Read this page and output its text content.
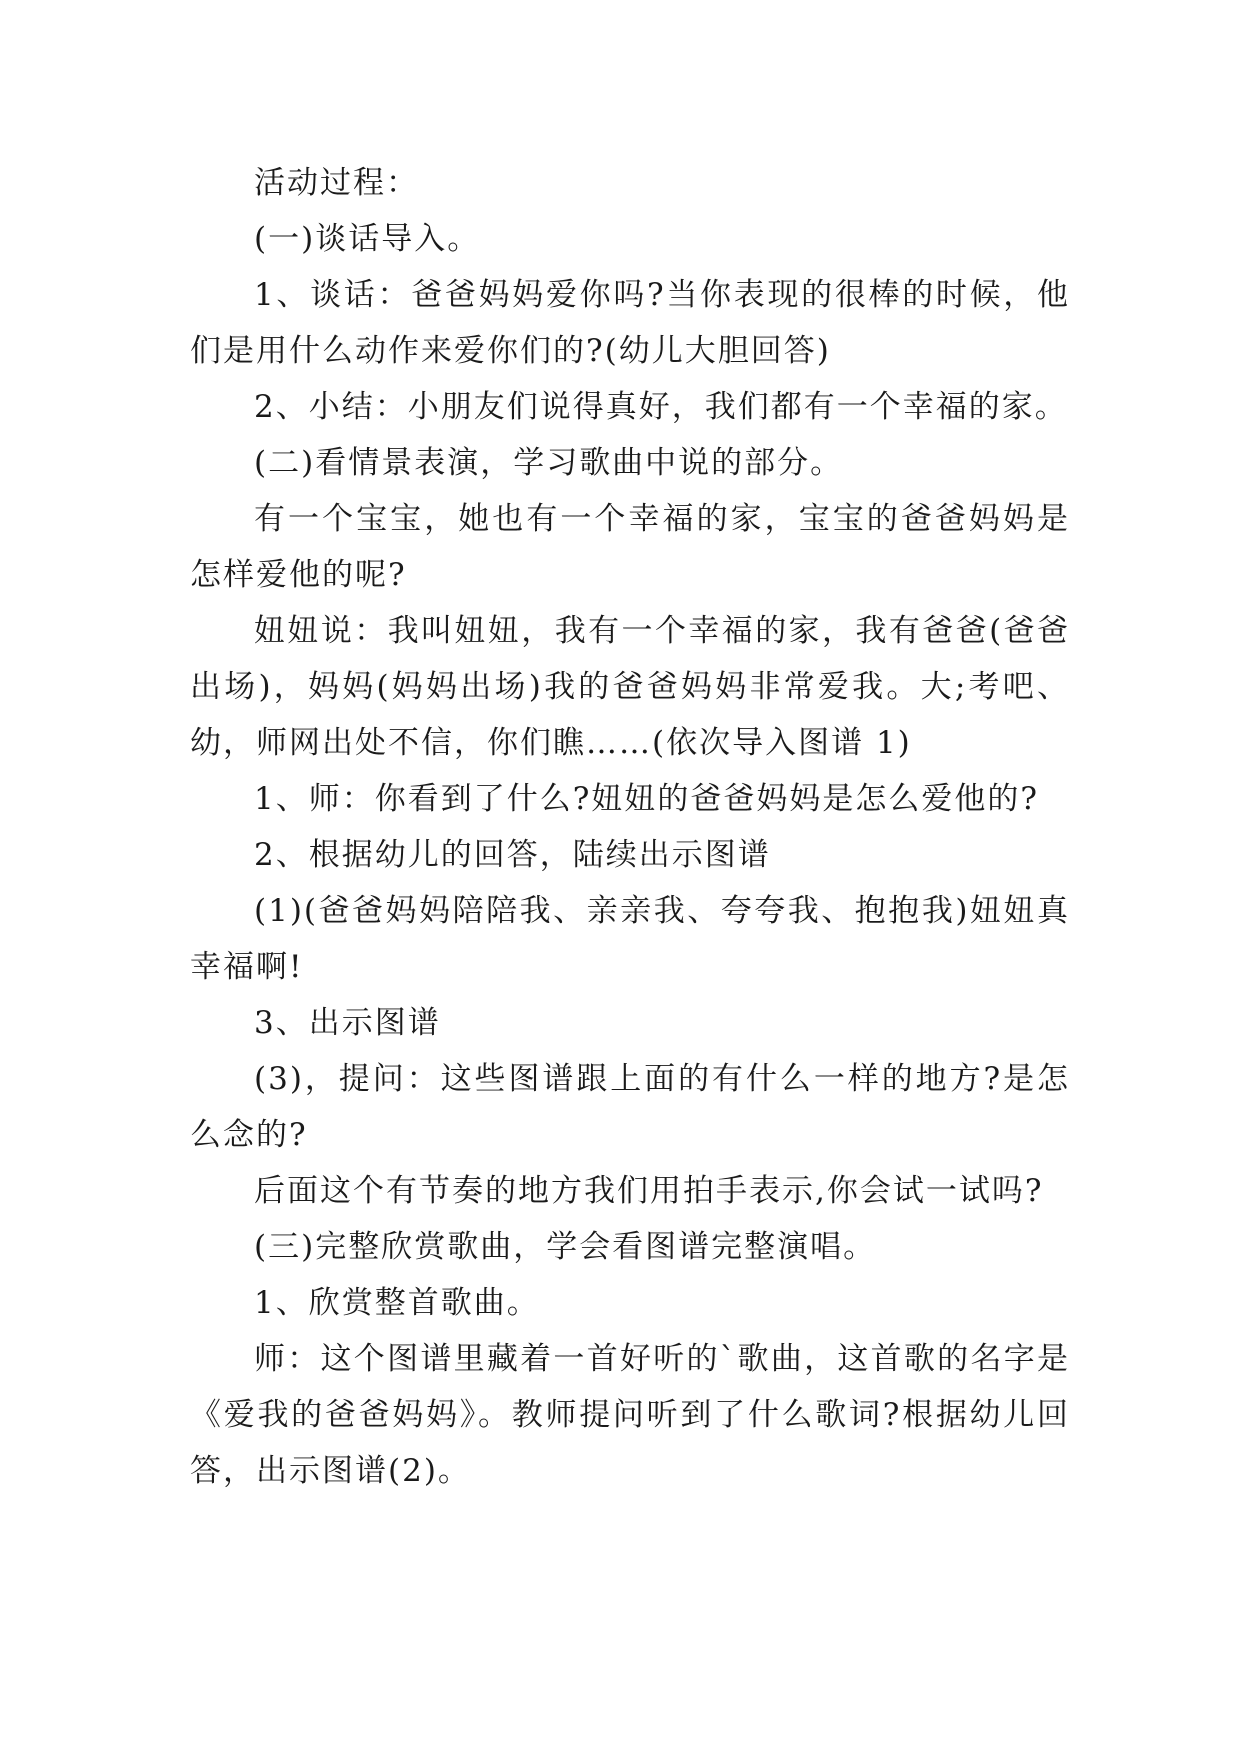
活动过程：

(一)谈话导入。

1、谈话：爸爸妈妈爱你吗?当你表现的很棒的时候，他们是用什么动作来爱你们的?(幼儿大胆回答)

2、小结：小朋友们说得真好，我们都有一个幸福的家。

(二)看情景表演，学习歌曲中说的部分。

有一个宝宝，她也有一个幸福的家，宝宝的爸爸妈妈是怎样爱他的呢?

妞妞说：我叫妞妞，我有一个幸福的家，我有爸爸(爸爸出场)，妈妈(妈妈出场)我的爸爸妈妈非常爱我。大;考吧、幼，师网出处不信，你们瞧……(依次导入图谱 1)

1、师：你看到了什么?妞妞的爸爸妈妈是怎么爱他的?

2、根据幼儿的回答，陆续出示图谱

(1)(爸爸妈妈陪陪我、亲亲我、夸夸我、抱抱我)妞妞真幸福啊!

3、出示图谱

(3)，提问：这些图谱跟上面的有什么一样的地方?是怎么念的?

后面这个有节奏的地方我们用拍手表示,你会试一试吗?

(三)完整欣赏歌曲，学会看图谱完整演唱。

1、欣赏整首歌曲。

师：这个图谱里藏着一首好听的`歌曲，这首歌的名字是《爱我的爸爸妈妈》。教师提问听到了什么歌词?根据幼儿回答，出示图谱(2)。
